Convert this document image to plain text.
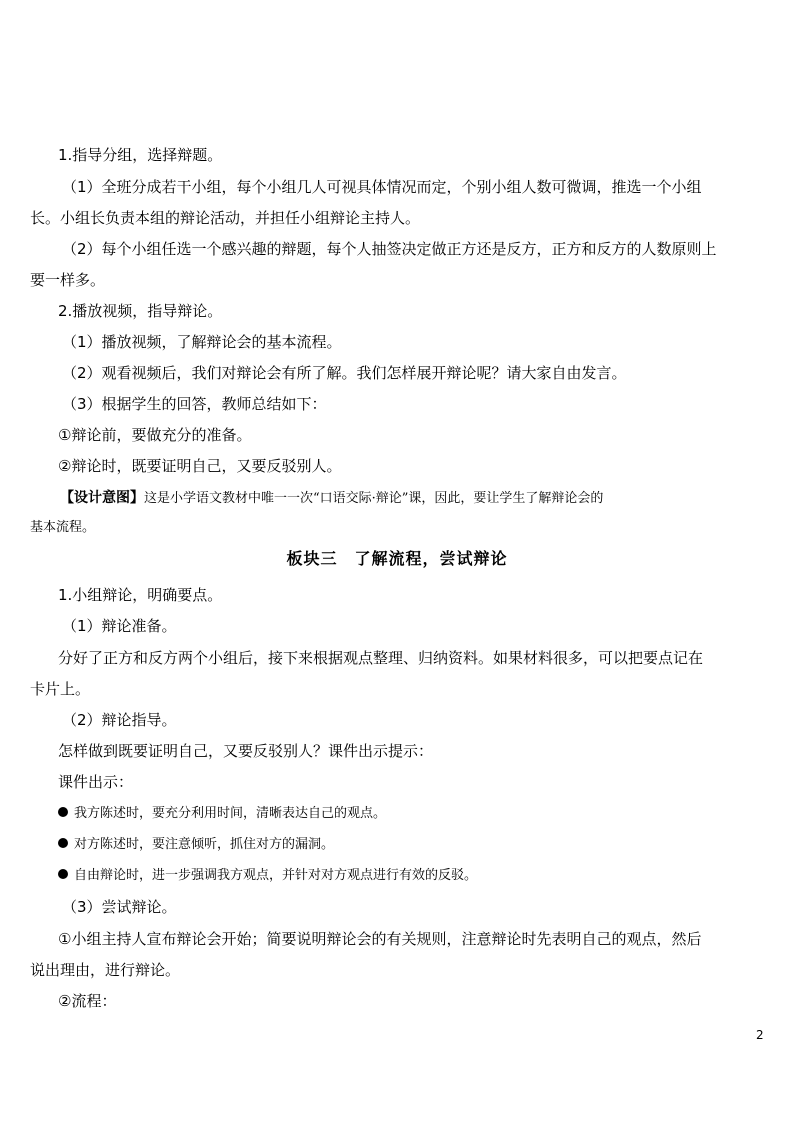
1.指导分组，选择辩题。
（1）全班分成若干小组，每个小组几人可视具体情况而定，个别小组人数可微调，推选一个小组
长。小组长负责本组的辩论活动，并担任小组辩论主持人。
（2）每个小组任选一个感兴趣的辩题，每个人抽签决定做正方还是反方，正方和反方的人数原则上
要一样多。
2.播放视频，指导辩论。
（1）播放视频，了解辩论会的基本流程。
（2）观看视频后，我们对辩论会有所了解。我们怎样展开辩论呢？请大家自由发言。
（3）根据学生的回答，教师总结如下：
①辩论前，要做充分的准备。
②辩论时，既要证明自己，又要反驳别人。
【设计意图】这是小学语文教材中唯一一次“口语交际·辩论”课，因此，要让学生了解辩论会的
基本流程。
板块三　了解流程，尝试辩论
1.小组辩论，明确要点。
（1）辩论准备。
分好了正方和反方两个小组后，接下来根据观点整理、归纳资料。如果材料很多，可以把要点记在
卡片上。
（2）辩论指导。
怎样做到既要证明自己，又要反驳别人？课件出示提示：
课件出示：
我方陈述时，要充分利用时间，清晰表达自己的观点。
对方陈述时，要注意倾听，抓住对方的漏洞。
自由辩论时，进一步强调我方观点，并针对对方观点进行有效的反驳。
（3）尝试辩论。
①小组主持人宣布辩论会开始；简要说明辩论会的有关规则，注意辩论时先表明自己的观点，然后
说出理由，进行辩论。
②流程：
2
